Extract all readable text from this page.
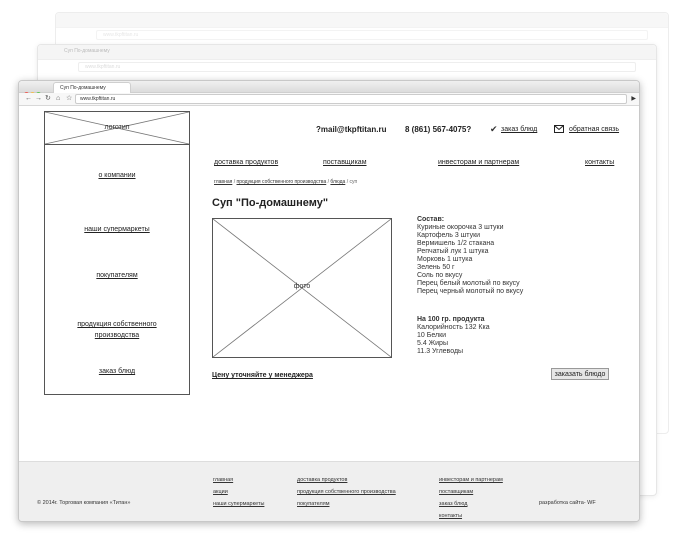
www.tkpftitan.ru
Суп По-домашнему
www.tkpftitan.ru
Суп По-домашнему
← → ↻ ⌂ ☆	www.tkpftitan.ru	▶
логотип
о компании
наши супермаркеты
покупателям
продукция собственного производства
заказ блюд
?mail@tkpftitan.ru 8 (861) 567-4075? ✔ заказ блюд	обратная связь
доставка продуктов	поставщикам	инвесторам и партнерам	контакты
главная / продукция собственного производства / блюда / суп
Суп "По-домашнему"
фото
Состав:
Куриные окорочка 3 штуки
Картофель 3 штуки
Вермишель 1/2 стакана
Репчатый лук 1 штука
Морковь 1 штука
Зелень 50 г
Соль по вкусу
Перец белый молотый по вкусу
Перец черный молотый по вкусу
На 100 гр. продукта
Калорийность 132 Кка
10 Белки
5.4 Жиры
11.3 Углеводы
Цену уточняйте у менеджера	заказать блюдо
главная
акции
наши супермаркеты
доставка продуктов
продукция собственного производства
покупателям
инвесторам и партнерам
поставщикам
заказ блюд
контакты
© 2014г. Торговая компания «Титан»	разработка сайта- WF
